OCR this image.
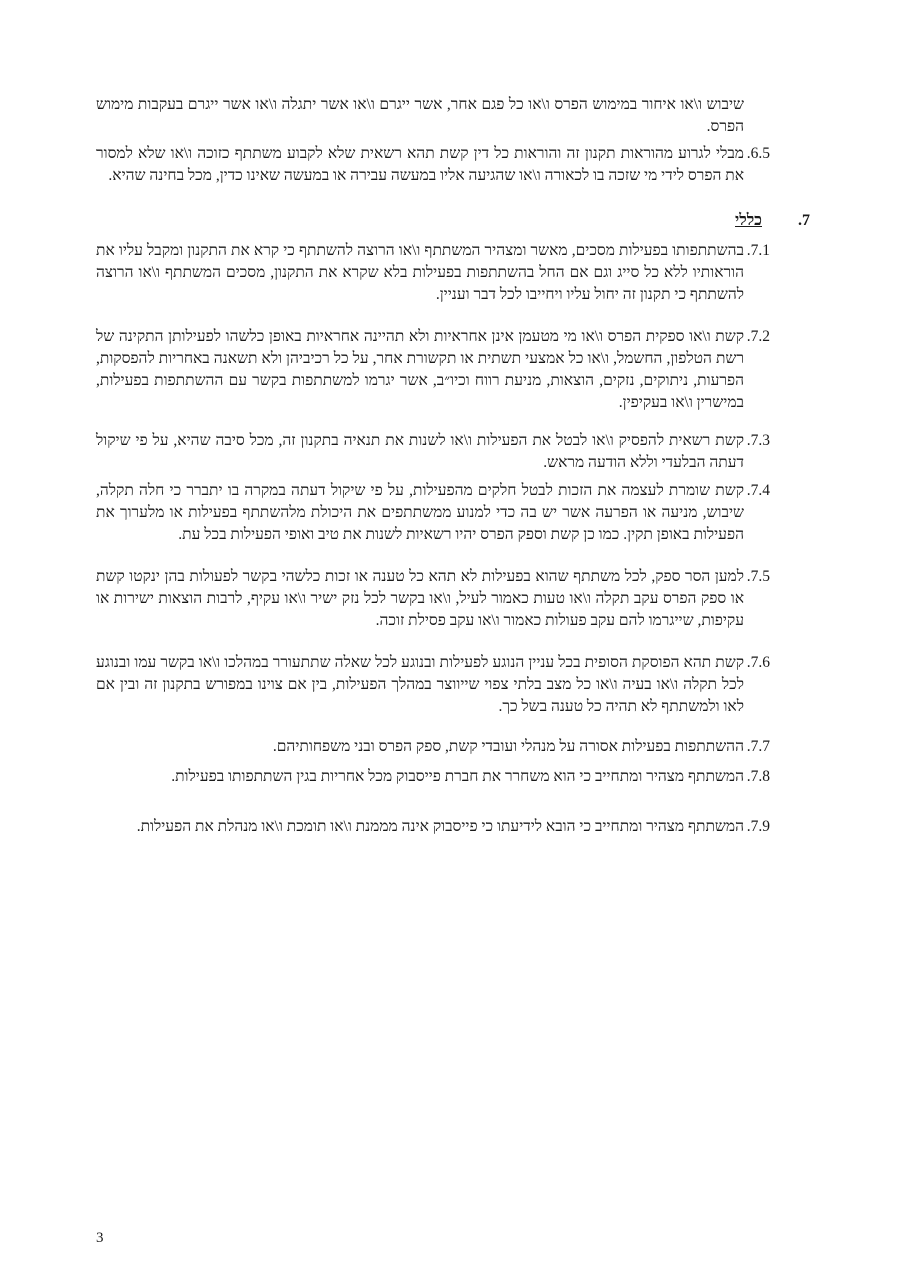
שיבוש ו\או איחור במימוש הפרס ו\או כל פגם אחר, אשר ייגרם ו\או אשר יתגלה ו\או אשר ייגרם בעקבות מימוש הפרס.

.6.5

מבלי לגרוע מהוראות תקנון זה והוראות כל דין קשת תהא רשאית שלא לקבוע משתתף כזוכה ו\או שלא למסור את הפרס לידי מי שזכה בו לכאורה ו\או שהגיעה אליו במעשה עבירה או במעשה שאינו כדין, מכל בחינה שהיא.

.7
כללי
.7.1

בהשתתפותו בפעילות מסכים, מאשר ומצהיר המשתתף ו\או הרוצה להשתתף כי קרא את התקנון ומקבל עליו את הוראותיו ללא כל סייג וגם אם החל בהשתתפות בפעילות בלא שקרא את התקנון, מסכים המשתתף ו\או הרוצה להשתתף כי תקנון זה יחול עליו ויחייבו לכל דבר ועניין.

.7.2

קשת ו\או ספקית הפרס ו\או מי מטעמן אינן אחראיות ולא תהיינה אחראיות באופן כלשהו לפעילותן התקינה של רשת הטלפון, החשמל, ו\או כל אמצעי תשתית או תקשורת אחר, על כל רכיביהן ולא תשאנה באחריות להפסקות, הפרעות, ניתוקים, נזקים, הוצאות, מניעת רווח וכיו״ב, אשר יגרמו למשתתפות בקשר עם ההשתתפות בפעילות, במישרין ו\או בעקיפין.

.7.3

קשת רשאית להפסיק ו\או לבטל את הפעילות ו\או לשנות את תנאיה בתקנון זה, מכל סיבה שהיא, על פי שיקול דעתה הבלעדי וללא הודעה מראש.

.7.4

קשת שומרת לעצמה את הזכות לבטל חלקים מהפעילות, על פי שיקול דעתה במקרה בו יתברר כי חלה תקלה, שיבוש, מניעה או הפרעה אשר יש בה כדי למנוע ממשתתפים את היכולת מלהשתתף בפעילות או מלערוך את הפעילות באופן תקין. כמו כן קשת וספק הפרס יהיו רשאיות לשנות את טיב ואופי הפעילות בכל עת.

.7.5

למען הסר ספק, לכל משתתף שהוא בפעילות לא תהא כל טענה או זכות כלשהי בקשר לפעולות בהן ינקטו קשת או ספק הפרס עקב תקלה ו\או טעות כאמור לעיל, ו\או בקשר לכל נזק ישיר ו\או עקיף, לרבות הוצאות ישירות או עקיפות, שייגרמו להם עקב פעולות כאמור ו\או עקב פסילת זוכה.

.7.6

קשת תהא הפוסקת הסופית בכל עניין הנוגע לפעילות ובנוגע לכל שאלה שתתעורר במהלכו ו\או בקשר עמו ובנוגע לכל תקלה ו\או בעיה ו\או כל מצב בלתי צפוי שייווצר במהלך הפעילות, בין אם צוינו במפורש בתקנון זה ובין אם לאו ולמשתתף לא תהיה כל טענה בשל כך.

.7.7

ההשתתפות בפעילות אסורה על מנהלי ועובדי קשת, ספק הפרס ובני משפחותיהם.

.7.8

המשתתף מצהיר ומתחייב כי הוא משחרר את חברת פייסבוק מכל אחריות בגין השתתפותו בפעילות.

.7.9

המשתתף מצהיר ומתחייב כי הובא לידיעתו כי פייסבוק אינה מממנת ו\או תומכת ו\או מנהלת את הפעילות.

3
